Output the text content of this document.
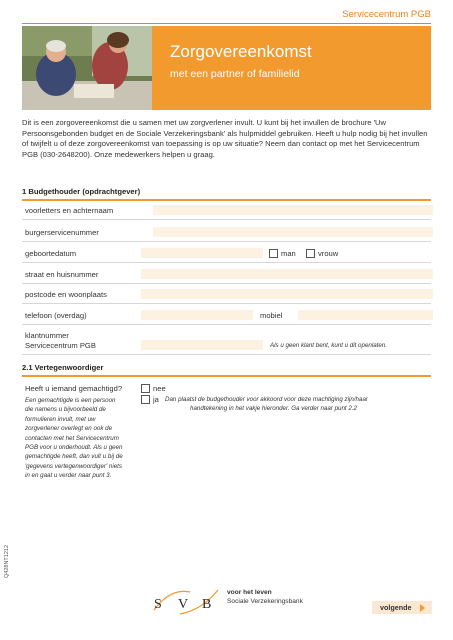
Servicecentrum PGB
Zorgovereenkomst
met een partner of familielid
Dit is een zorgovereenkomst die u samen met uw zorgverlener invult. U kunt bij het invullen de brochure 'Uw Persoonsgebonden budget en de Sociale Verzekeringsbank' als hulpmiddel gebruiken. Heeft u hulp nodig bij het invullen of twijfelt u of deze zorgovereenkomst van toepassing is op uw situatie? Neem dan contact op met het Servicecentrum PGB (030-2648200). Onze medewerkers helpen u graag.
1 Budgethouder (opdrachtgever)
voorletters en achternaam
burgerservicenummer
geboortedatum	man	vrouw
straat en huisnummer
postcode en woonplaats
telefoon (overdag)	mobiel
klantnummer
Servicecentrum PGB	Als u geen klant bent, kunt u dit openlaten.
2.1 Vertegenwoordiger
Heeft u iemand gemachtigd?
Een gemachtigde is een persoon
die namens u bijvoorbeeld de
formulieren invult, met uw
zorgverlener overlegt en ook de
contacten met het Servicecentrum
PGB voor u onderhoudt. Als u geen
gemachtigde heeft, dan vult u bij de
'gegevens vertegenwoordiger' niets
in en gaat u verder naar punt 3.
nee
ja Dan plaatst de budgethouder voor akkoord voor deze machtiging zijn/haar
handtekening in het vakje hieronder. Ga verder naar punt 2.2
Q428NT1212
S V B
voor het leven
Sociale Verzekeringsbank
volgende
